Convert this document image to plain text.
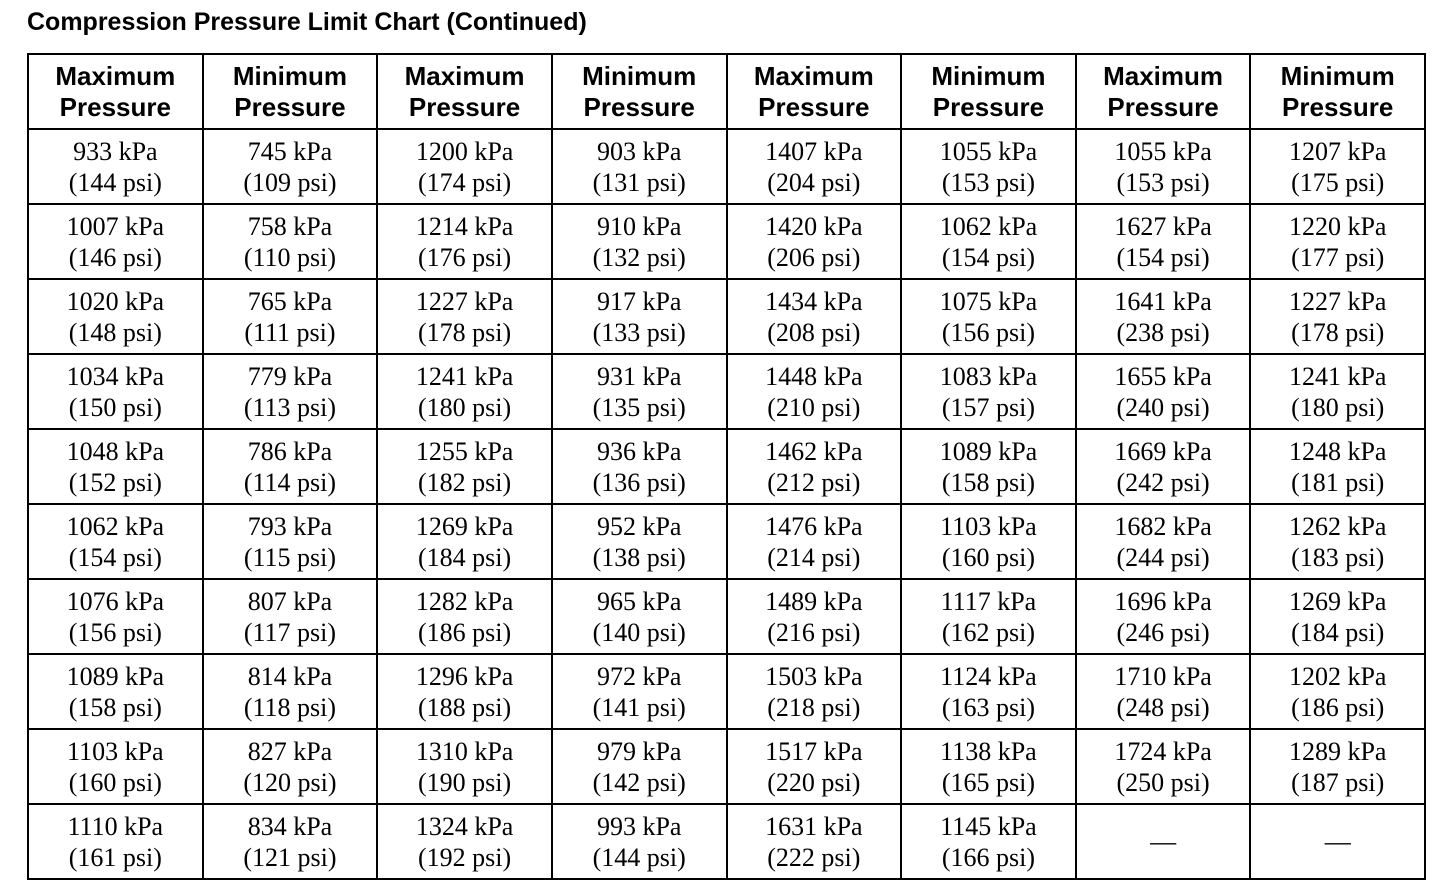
Compression Pressure Limit Chart (Continued)
Maximum
Pressure	Minimum
Pressure	Maximum
Pressure	Minimum
Pressure	Maximum
Pressure	Minimum
Pressure	Maximum
Pressure	Minimum
Pressure

933 kPa
(144 psi)	745 kPa
(109 psi)	1200 kPa
(174 psi)	903 kPa
(131 psi)	1407 kPa
(204 psi)	1055 kPa
(153 psi)	1055 kPa
(153 psi)	1207 kPa
(175 psi)

1007 kPa
(146 psi)	758 kPa
(110 psi)	1214 kPa
(176 psi)	910 kPa
(132 psi)	1420 kPa
(206 psi)	1062 kPa
(154 psi)	1627 kPa
(154 psi)	1220 kPa
(177 psi)

1020 kPa
(148 psi)	765 kPa
(111 psi)	1227 kPa
(178 psi)	917 kPa
(133 psi)	1434 kPa
(208 psi)	1075 kPa
(156 psi)	1641 kPa
(238 psi)	1227 kPa
(178 psi)

1034 kPa
(150 psi)	779 kPa
(113 psi)	1241 kPa
(180 psi)	931 kPa
(135 psi)	1448 kPa
(210 psi)	1083 kPa
(157 psi)	1655 kPa
(240 psi)	1241 kPa
(180 psi)

1048 kPa
(152 psi)	786 kPa
(114 psi)	1255 kPa
(182 psi)	936 kPa
(136 psi)	1462 kPa
(212 psi)	1089 kPa
(158 psi)	1669 kPa
(242 psi)	1248 kPa
(181 psi)

1062 kPa
(154 psi)	793 kPa
(115 psi)	1269 kPa
(184 psi)	952 kPa
(138 psi)	1476 kPa
(214 psi)	1103 kPa
(160 psi)	1682 kPa
(244 psi)	1262 kPa
(183 psi)

1076 kPa
(156 psi)	807 kPa
(117 psi)	1282 kPa
(186 psi)	965 kPa
(140 psi)	1489 kPa
(216 psi)	1117 kPa
(162 psi)	1696 kPa
(246 psi)	1269 kPa
(184 psi)

1089 kPa
(158 psi)	814 kPa
(118 psi)	1296 kPa
(188 psi)	972 kPa
(141 psi)	1503 kPa
(218 psi)	1124 kPa
(163 psi)	1710 kPa
(248 psi)	1202 kPa
(186 psi)

1103 kPa
(160 psi)	827 kPa
(120 psi)	1310 kPa
(190 psi)	979 kPa
(142 psi)	1517 kPa
(220 psi)	1138 kPa
(165 psi)	1724 kPa
(250 psi)	1289 kPa
(187 psi)

1110 kPa
(161 psi)	834 kPa
(121 psi)	1324 kPa
(192 psi)	993 kPa
(144 psi)	1631 kPa
(222 psi)	1145 kPa
(166 psi)	—	—
